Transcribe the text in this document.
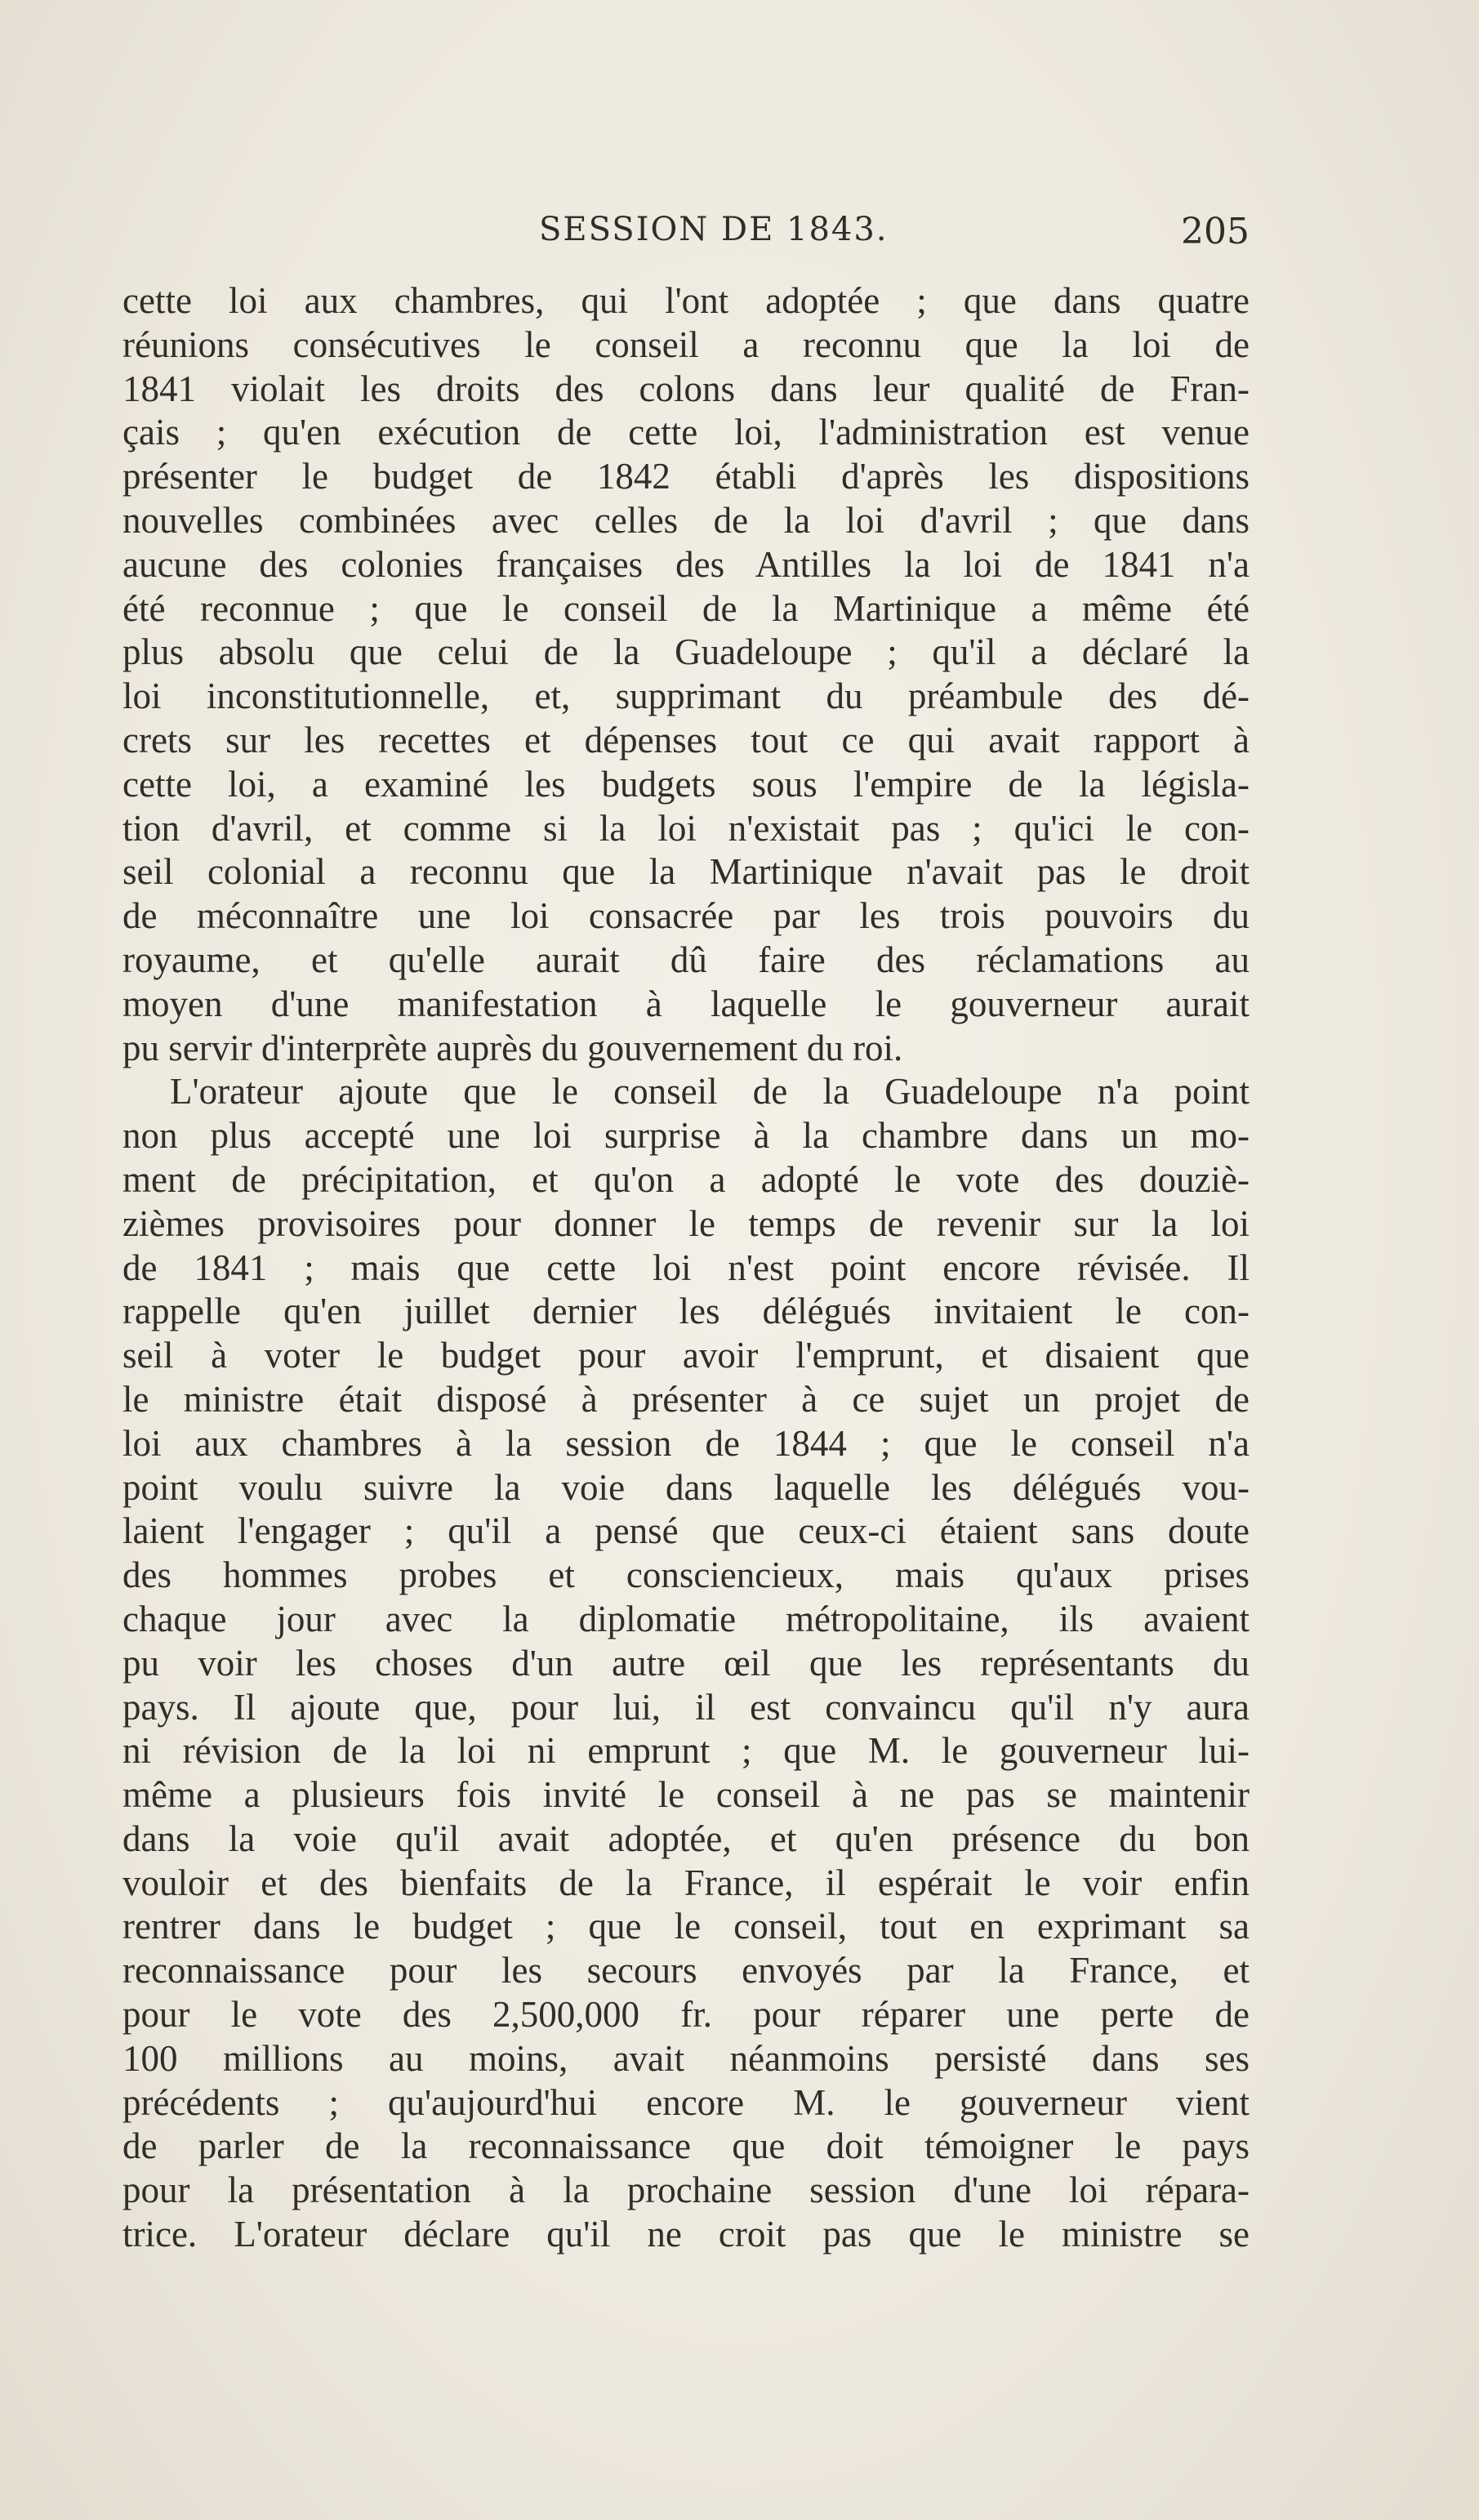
SESSION DE 1843.	205
cette loi aux chambres, qui l'ont adoptée ; que dans quatre
réunions consécutives le conseil a reconnu que la loi de
1841 violait les droits des colons dans leur qualité de Fran-
çais ; qu'en exécution de cette loi, l'administration est venue
présenter le budget de 1842 établi d'après les dispositions
nouvelles combinées avec celles de la loi d'avril ; que dans
aucune des colonies françaises des Antilles la loi de 1841 n'a
été reconnue ; que le conseil de la Martinique a même été
plus absolu que celui de la Guadeloupe ; qu'il a déclaré la
loi inconstitutionnelle, et, supprimant du préambule des dé-
crets sur les recettes et dépenses tout ce qui avait rapport à
cette loi, a examiné les budgets sous l'empire de la législa-
tion d'avril, et comme si la loi n'existait pas ; qu'ici le con-
seil colonial a reconnu que la Martinique n'avait pas le droit
de méconnaître une loi consacrée par les trois pouvoirs du
royaume, et qu'elle aurait dû faire des réclamations au
moyen d'une manifestation à laquelle le gouverneur aurait
pu servir d'interprète auprès du gouvernement du roi.
L'orateur ajoute que le conseil de la Guadeloupe n'a point
non plus accepté une loi surprise à la chambre dans un mo-
ment de précipitation, et qu'on a adopté le vote des douziè-
zièmes provisoires pour donner le temps de revenir sur la loi
de 1841 ; mais que cette loi n'est point encore révisée. Il
rappelle qu'en juillet dernier les délégués invitaient le con-
seil à voter le budget pour avoir l'emprunt, et disaient que
le ministre était disposé à présenter à ce sujet un projet de
loi aux chambres à la session de 1844 ; que le conseil n'a
point voulu suivre la voie dans laquelle les délégués vou-
laient l'engager ; qu'il a pensé que ceux-ci étaient sans doute
des hommes probes et consciencieux, mais qu'aux prises
chaque jour avec la diplomatie métropolitaine, ils avaient
pu voir les choses d'un autre œil que les représentants du
pays. Il ajoute que, pour lui, il est convaincu qu'il n'y aura
ni révision de la loi ni emprunt ; que M. le gouverneur lui-
même a plusieurs fois invité le conseil à ne pas se maintenir
dans la voie qu'il avait adoptée, et qu'en présence du bon
vouloir et des bienfaits de la France, il espérait le voir enfin
rentrer dans le budget ; que le conseil, tout en exprimant sa
reconnaissance pour les secours envoyés par la France, et
pour le vote des 2,500,000 fr. pour réparer une perte de
100 millions au moins, avait néanmoins persisté dans ses
précédents ; qu'aujourd'hui encore M. le gouverneur vient
de parler de la reconnaissance que doit témoigner le pays
pour la présentation à la prochaine session d'une loi répara-
trice. L'orateur déclare qu'il ne croit pas que le ministre se
